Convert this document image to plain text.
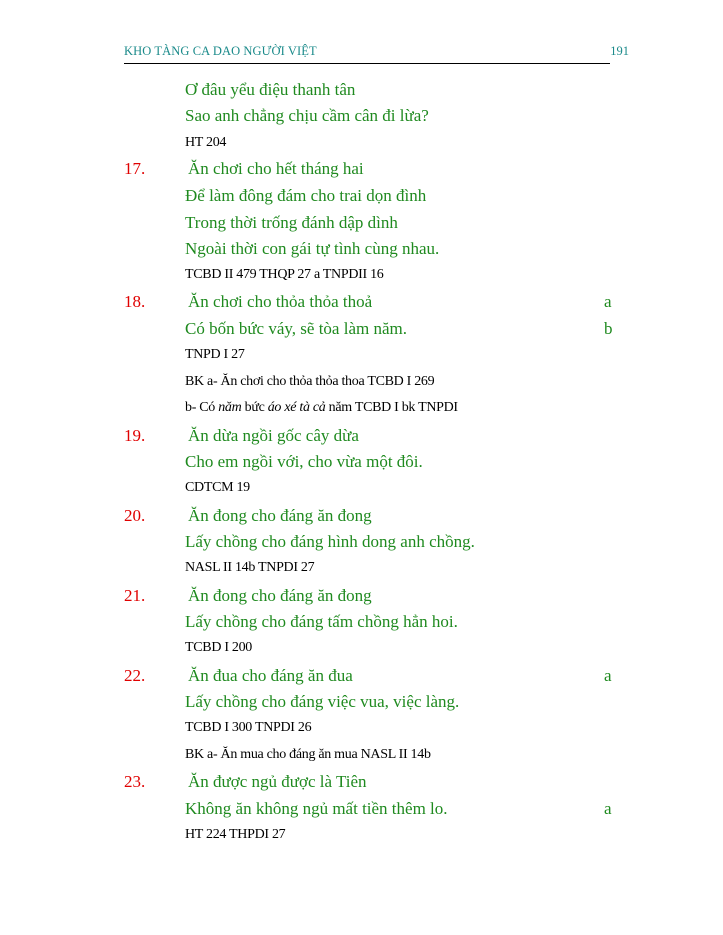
KHO TÀNG CA DAO NGƯỜI VIỆT	191
Ơ đâu yểu điệu thanh tân
Sao anh chẳng chịu cầm cân đi lừa?
HT 204
17.	Ăn chơi cho hết tháng hai
Để làm đông đám cho trai dọn đình
Trong thời trống đánh dập dình
Ngoài thời con gái tự tình cùng nhau.
TCBD II 479 THQP 27 a TNPDII 16
18.	Ăn chơi cho thỏa thỏa thoả	a
Có bốn bức váy, sẽ tòa làm năm.	b
TNPD I 27
BK a- Ăn chơi cho thỏa thỏa thoa TCBD I 269
b- Có năm bức áo xé tà cả năm TCBD I bk TNPDI
19.	Ăn dừa ngồi gốc cây dừa
Cho em ngồi với, cho vừa một đôi.
CDTCM 19
20.	Ăn đong cho đáng ăn đong
Lấy chồng cho đáng hình dong anh chồng.
NASL II 14b TNPDI 27
21.	Ăn đong cho đáng ăn đong
Lấy chồng cho đáng tấm chồng hẳn hoi.
TCBD I 200
22.	Ăn đua cho đáng ăn đua	a
Lấy chồng cho đáng việc vua, việc làng.
TCBD I 300 TNPDI 26
BK a- Ăn mua cho đáng ăn mua NASL II 14b
23.	Ăn được ngủ được là Tiên
Không ăn không ngủ mất tiền thêm lo.	a
HT 224 THPDI 27
